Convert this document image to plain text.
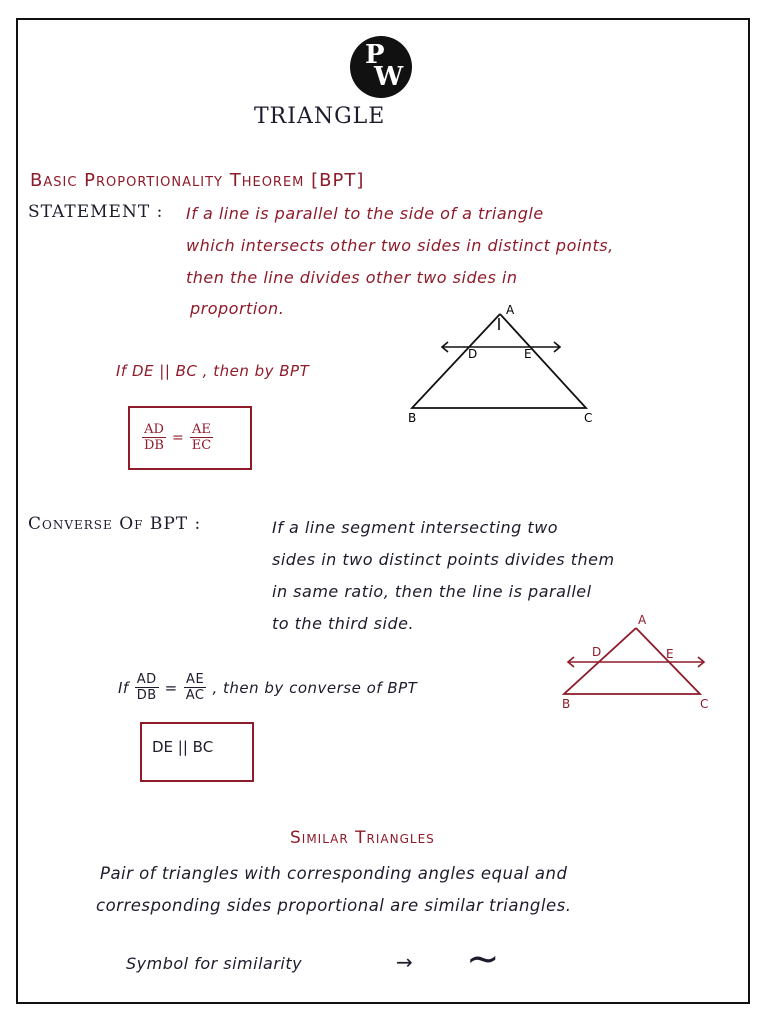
P
W
TRIANGLE
Basic Proportionality Theorem [BPT]
STATEMENT : If a line is parallel to the side of a triangle
which intersects other two sides in distinct points,
then the line divides other two sides in
proportion.	A
B	C
D	E
If DE || BC , then by BPT
$\frac{AD}{DB} = \frac{AE}{EC}$
Converse Of BPT :	If a line segment intersecting two
sides in two distinct points divides them
in same ratio, then the line is parallel
to the third side.	A
B	C
D	E
If $\frac{AD}{DB} = \frac{AE}{AC}$ , then by converse of BPT
DE || BC
Similar Triangles
Pair of triangles with corresponding angles equal and
corresponding sides proportional are similar triangles.
Symbol for similarity	→ ~
